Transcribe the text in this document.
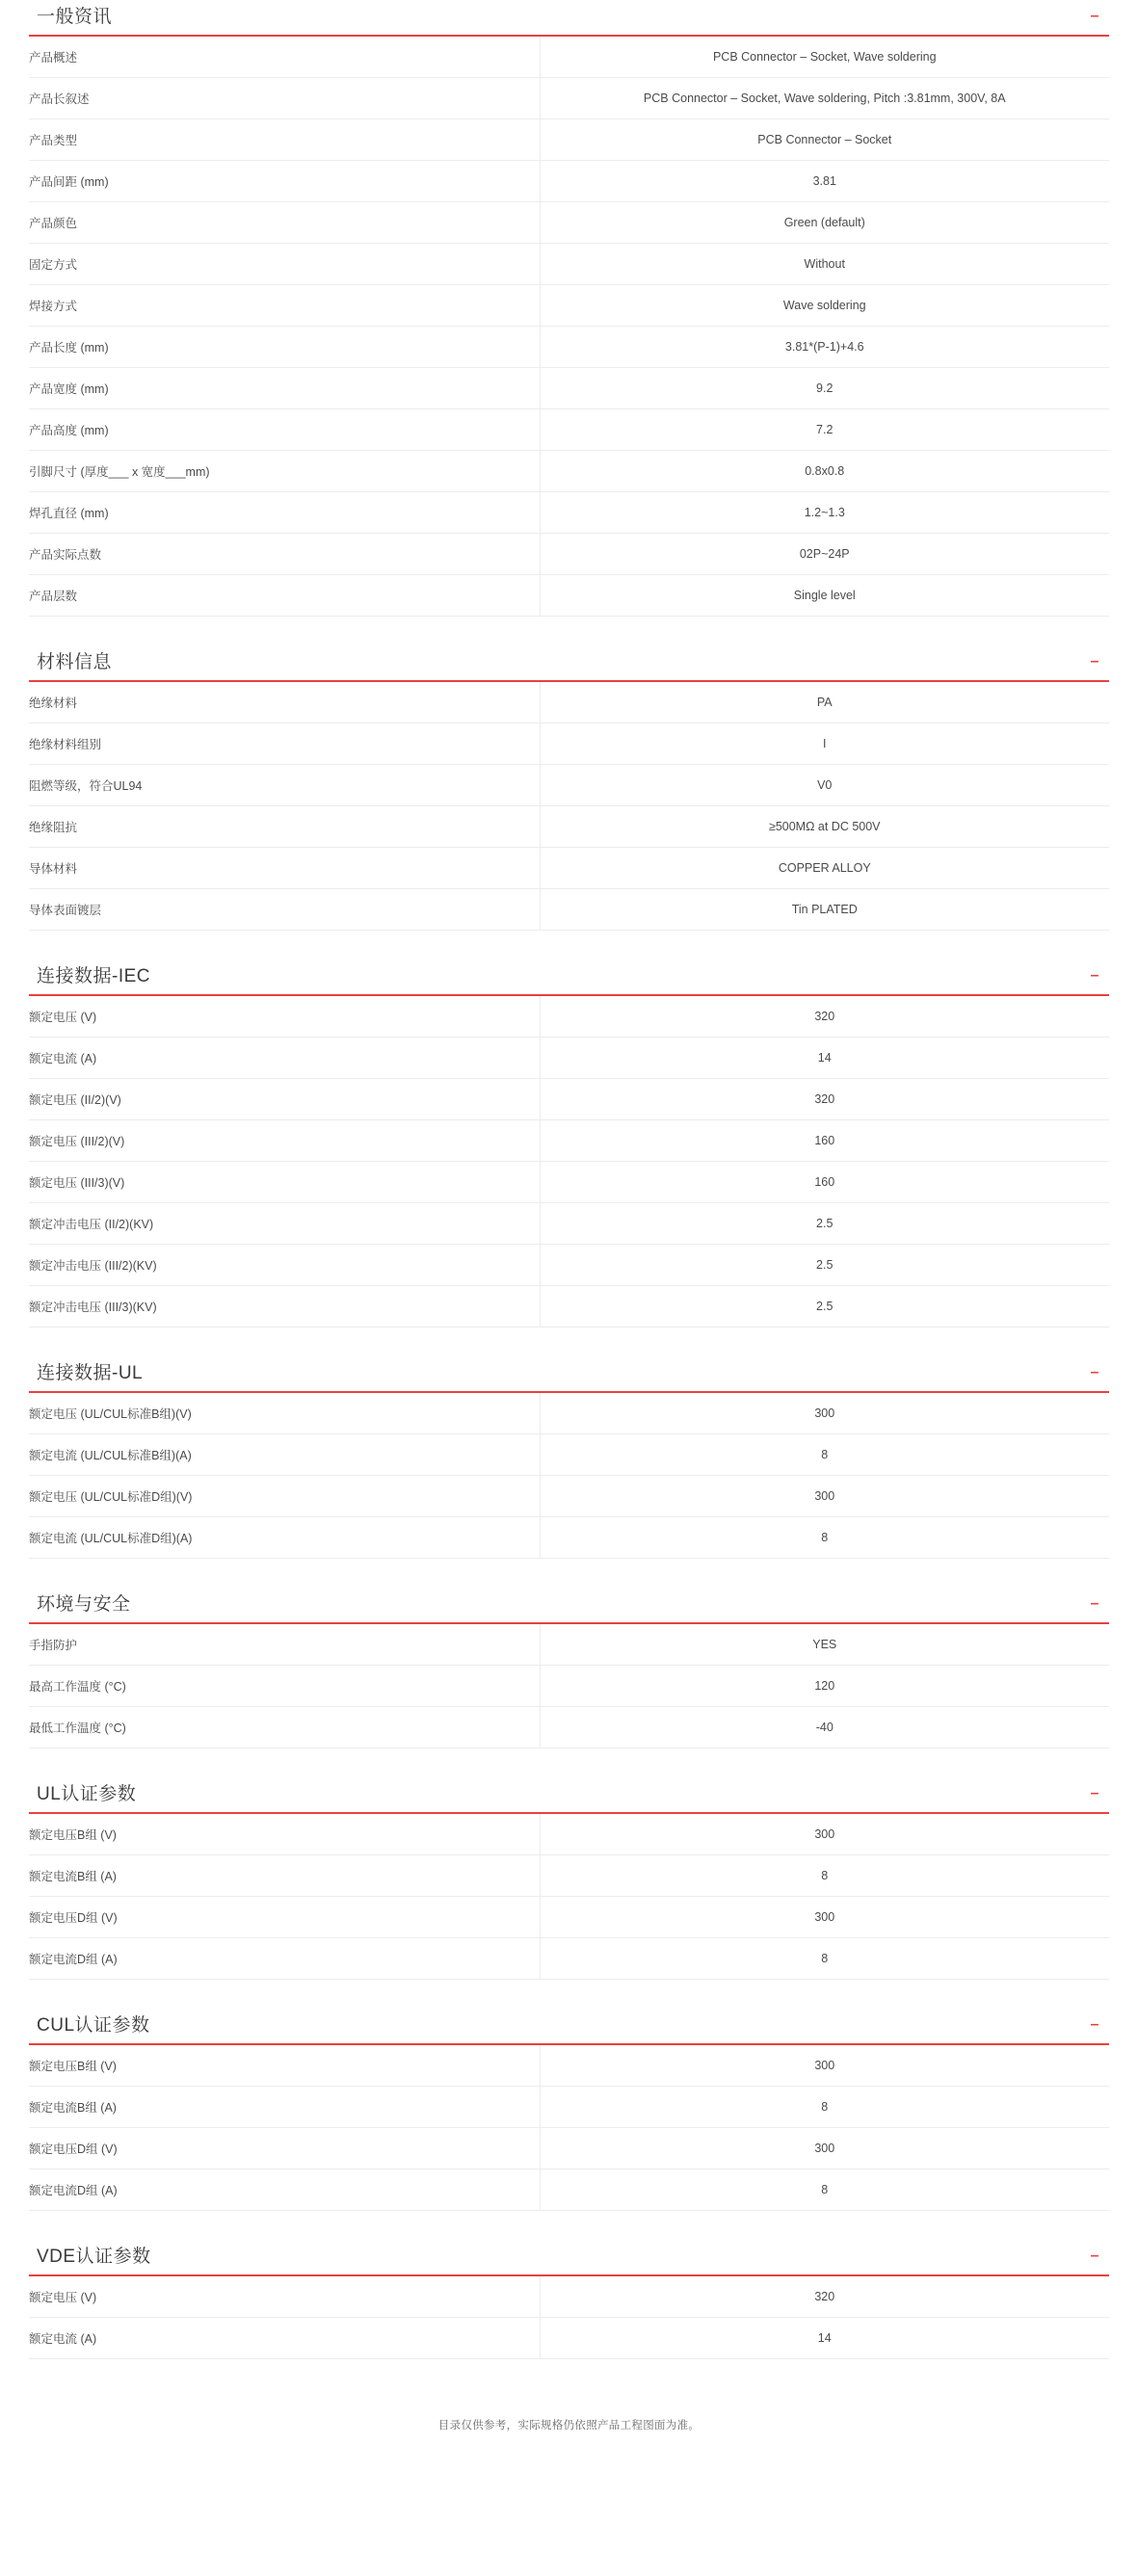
一般资讯	–
产品概述	PCB Connector – Socket, Wave soldering
产品长叙述	PCB Connector – Socket, Wave soldering, Pitch :3.81mm, 300V, 8A
产品类型	PCB Connector – Socket
产品间距 (mm)	3.81
产品颜色	Green (default)
固定方式	Without
焊接方式	Wave soldering
产品长度 (mm)	3.81*(P-1)+4.6
产品宽度 (mm)	9.2
产品高度 (mm)	7.2
引脚尺寸 (厚度___ x 宽度___mm)	0.8x0.8
焊孔直径 (mm)	1.2~1.3
产品实际点数	02P~24P
产品层数	Single level
材料信息	–
绝缘材料	PA
绝缘材料组别	I
阻燃等级，符合UL94	V0
绝缘阻抗	≥500MΩ at DC 500V
导体材料	COPPER ALLOY
导体表面镀层	Tin PLATED
连接数据-IEC	–
额定电压 (V)	320
额定电流 (A)	14
额定电压 (II/2)(V)	320
额定电压 (III/2)(V)	160
额定电压 (III/3)(V)	160
额定冲击电压 (II/2)(KV)	2.5
额定冲击电压 (III/2)(KV)	2.5
额定冲击电压 (III/3)(KV)	2.5
连接数据-UL	–
额定电压 (UL/CUL标准B组)(V)	300
额定电流 (UL/CUL标准B组)(A)	8
额定电压 (UL/CUL标准D组)(V)	300
额定电流 (UL/CUL标准D组)(A)	8
环境与安全	–
手指防护	YES
最高工作温度 (°C)	120
最低工作温度 (°C)	-40
UL认证参数	–
额定电压B组 (V)	300
额定电流B组 (A)	8
额定电压D组 (V)	300
额定电流D组 (A)	8
CUL认证参数	–
额定电压B组 (V)	300
额定电流B组 (A)	8
额定电压D组 (V)	300
额定电流D组 (A)	8
VDE认证参数	–
额定电压 (V)	320
额定电流 (A)	14
目录仅供参考，实际规格仍依照产品工程图面为准。
